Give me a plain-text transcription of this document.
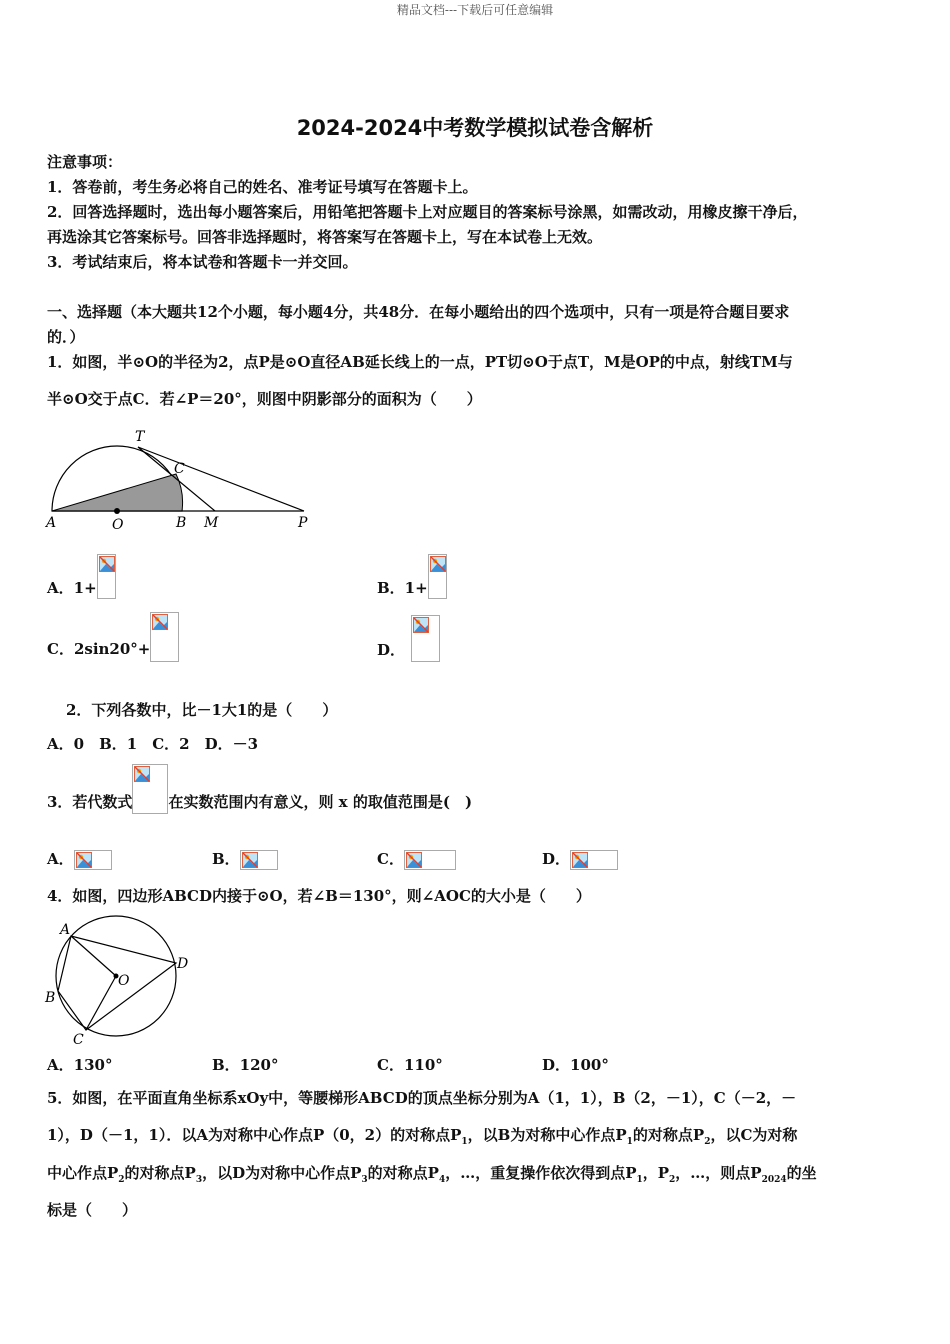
精品文档---下载后可任意编辑
2024-2024中考数学模拟试卷含解析
注意事项：
1．答卷前，考生务必将自己的姓名、准考证号填写在答题卡上。
2．回答选择题时，选出每小题答案后，用铅笔把答题卡上对应题目的答案标号涂黑，如需改动，用橡皮擦干净后，
再选涂其它答案标号。回答非选择题时，将答案写在答题卡上，写在本试卷上无效。
3．考试结束后，将本试卷和答题卡一并交回。
一、选择题（本大题共12个小题，每小题4分，共48分．在每小题给出的四个选项中，只有一项是符合题目要求
的．）
1．如图，半⊙O的半径为2，点P是⊙O直径AB延长线上的一点，PT切⊙O于点T，M是OP的中点，射线TM与
半⊙O交于点C．若∠P＝20°，则图中阴影部分的面积为（　　）
T
C
A	O	B M	P
A．1+	B．1+
C．2sin20°+	D．
2．下列各数中，比－1大1的是（　　）
A．0　B．1　C．2　D．－3
3．若代数式 在实数范围内有意义，则 x 的取值范围是(　)
A．	B．	C．	D．
4．如图，四边形ABCD内接于⊙O，若∠B＝130°，则∠AOC的大小是（　　）
A
B
C
D
O
A．130°	B．120°	C．110°	D．100°
5．如图，在平面直角坐标系xOy中，等腰梯形ABCD的顶点坐标分别为A（1，1），B（2，－1），C（－2，－
1），D（－1，1）．以A为对称中心作点P（0，2）的对称点$P_1$，以B为对称中心作点$P_1$的对称点$P_2$，以C为对称
中心作点$P_2$的对称点$P_3$，以D为对称中心作点$P_3$的对称点$P_4$，…，重复操作依次得到点$P_1$，$P_2$，…，则点$P_{2024}$的坐
标是（　　）
